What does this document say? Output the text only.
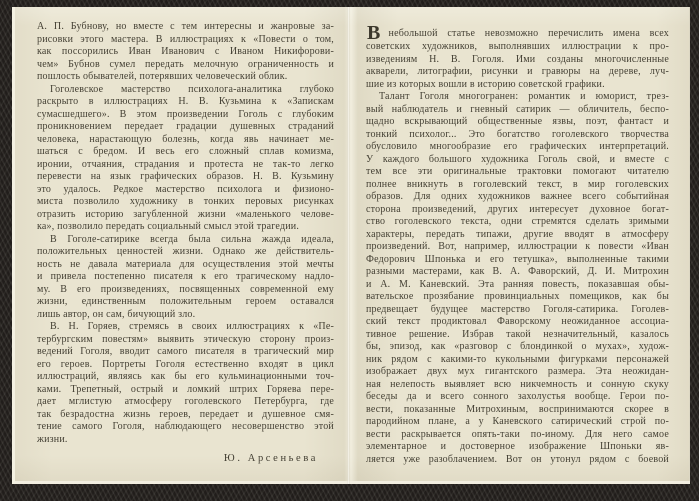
А. П. Бубнову, но вместе с тем интересны и жанровые за-
рисовки этого мастера. В иллюстрациях к «Повести о том,
как поссорились Иван Иванович с Иваном Никифорови-
чем» Бубнов сумел передать мелочную ограниченность и
пошлость обывателей, потерявших человеческий облик.
Гоголевское мастерство психолога-аналитика глубоко
раскрыто в иллюстрациях Н. В. Кузьмина к «Запискам
сумасшедшего». В этом произведении Гоголь с глубоким
проникновением передает градации душевных страданий
человека, нарастающую болезнь, когда явь начинает ме-
шаться с бредом. И весь его сложный сплав комизма,
иронии, отчаяния, страдания и протеста не так-то легко
перевести на язык графических образов. Н. В. Кузьмину
это удалось. Редкое мастерство психолога и физионо-
миста позволило художнику в тонких перовых рисунках
отразить историю загубленной жизни «маленького челове-
ка», позволило передать социальный смысл этой трагедии.
В Гоголе-сатирике всегда была сильна жажда идеала,
положительных ценностей жизни. Однако же действитель-
ность не давала материала для осуществления этой мечты
и привела постепенно писателя к его трагическому надло-
му. В его произведениях, посвященных современной ему
жизни, единственным положительным героем оставался
лишь автор, он сам, бичующий зло.
В. Н. Горяев, стремясь в своих иллюстрациях к «Пе-
тербургским повестям» выявить этическую сторону произ-
ведений Гоголя, вводит самого писателя в трагический мир
его героев. Портреты Гоголя естественно входят в цикл
иллюстраций, являясь как бы его кульминационными точ-
ками. Трепетный, острый и ломкий штрих Горяева пере-
дает мглистую атмосферу гоголевского Петербурга, где
так безрадостна жизнь героев, передает и душевное смя-
тение самого Гоголя, наблюдающего несовершенство этой
жизни.
Ю. Арсеньева
В небольшой статье невозможно перечислить имена всех
советских художников, выполнявших иллюстрации к про-
изведениям Н. В. Гоголя. Ими созданы многочисленные
акварели, литографии, рисунки и гравюры на дереве, луч-
шие из которых вошли в историю советской графики.
Талант Гоголя многогранен: романтик и юморист, трез-
вый наблюдатель и гневный сатирик — обличитель, беспо-
щадно вскрывающий общественные язвы, поэт, фантаст и
тонкий психолог... Это богатство гоголевского творчества
обусловило многообразие его графических интерпретаций.
У каждого большого художника Гоголь свой, и вместе с
тем все эти оригинальные трактовки помогают читателю
полнее вникнуть в гоголевский текст, в мир гоголевских
образов. Для одних художников важнее всего событийная
сторона произведений, других интересует духовное богат-
ство гоголевского текста, одни стремятся сделать зримыми
характеры, передать типажи, другие вводят в атмосферу
произведений. Вот, например, иллюстрации к повести «Иван
Федорович Шпонька и его тетушка», выполненные такими
разными мастерами, как В. А. Фаворский, Д. И. Митрохин
и А. М. Каневский. Эта ранняя повесть, показавшая обы-
вательское прозябание провинциальных помещиков, как бы
предвещает будущее мастерство Гоголя-сатирика. Гоголев-
ский текст продиктовал Фаворскому неожиданное ассоциа-
тивное решение. Избрав такой незначительный, казалось
бы, эпизод, как «разговор с блондинкой о мухах», худож-
ник рядом с какими-то кукольными фигурками персонажей
изображает двух мух гигантского размера. Эта неожидан-
ная нелепость выявляет всю никчемность и сонную скуку
беседы да и всего сонного захолустья вообще. Герои по-
вести, показанные Митрохиным, воспринимаются скорее в
пародийном плане, а у Каневского сатирический строй по-
вести раскрывается опять-таки по-иному. Для него самое
элементарное и достоверное изображение Шпоньки яв-
ляется уже разоблачением. Вот он утонул рядом с боевой
